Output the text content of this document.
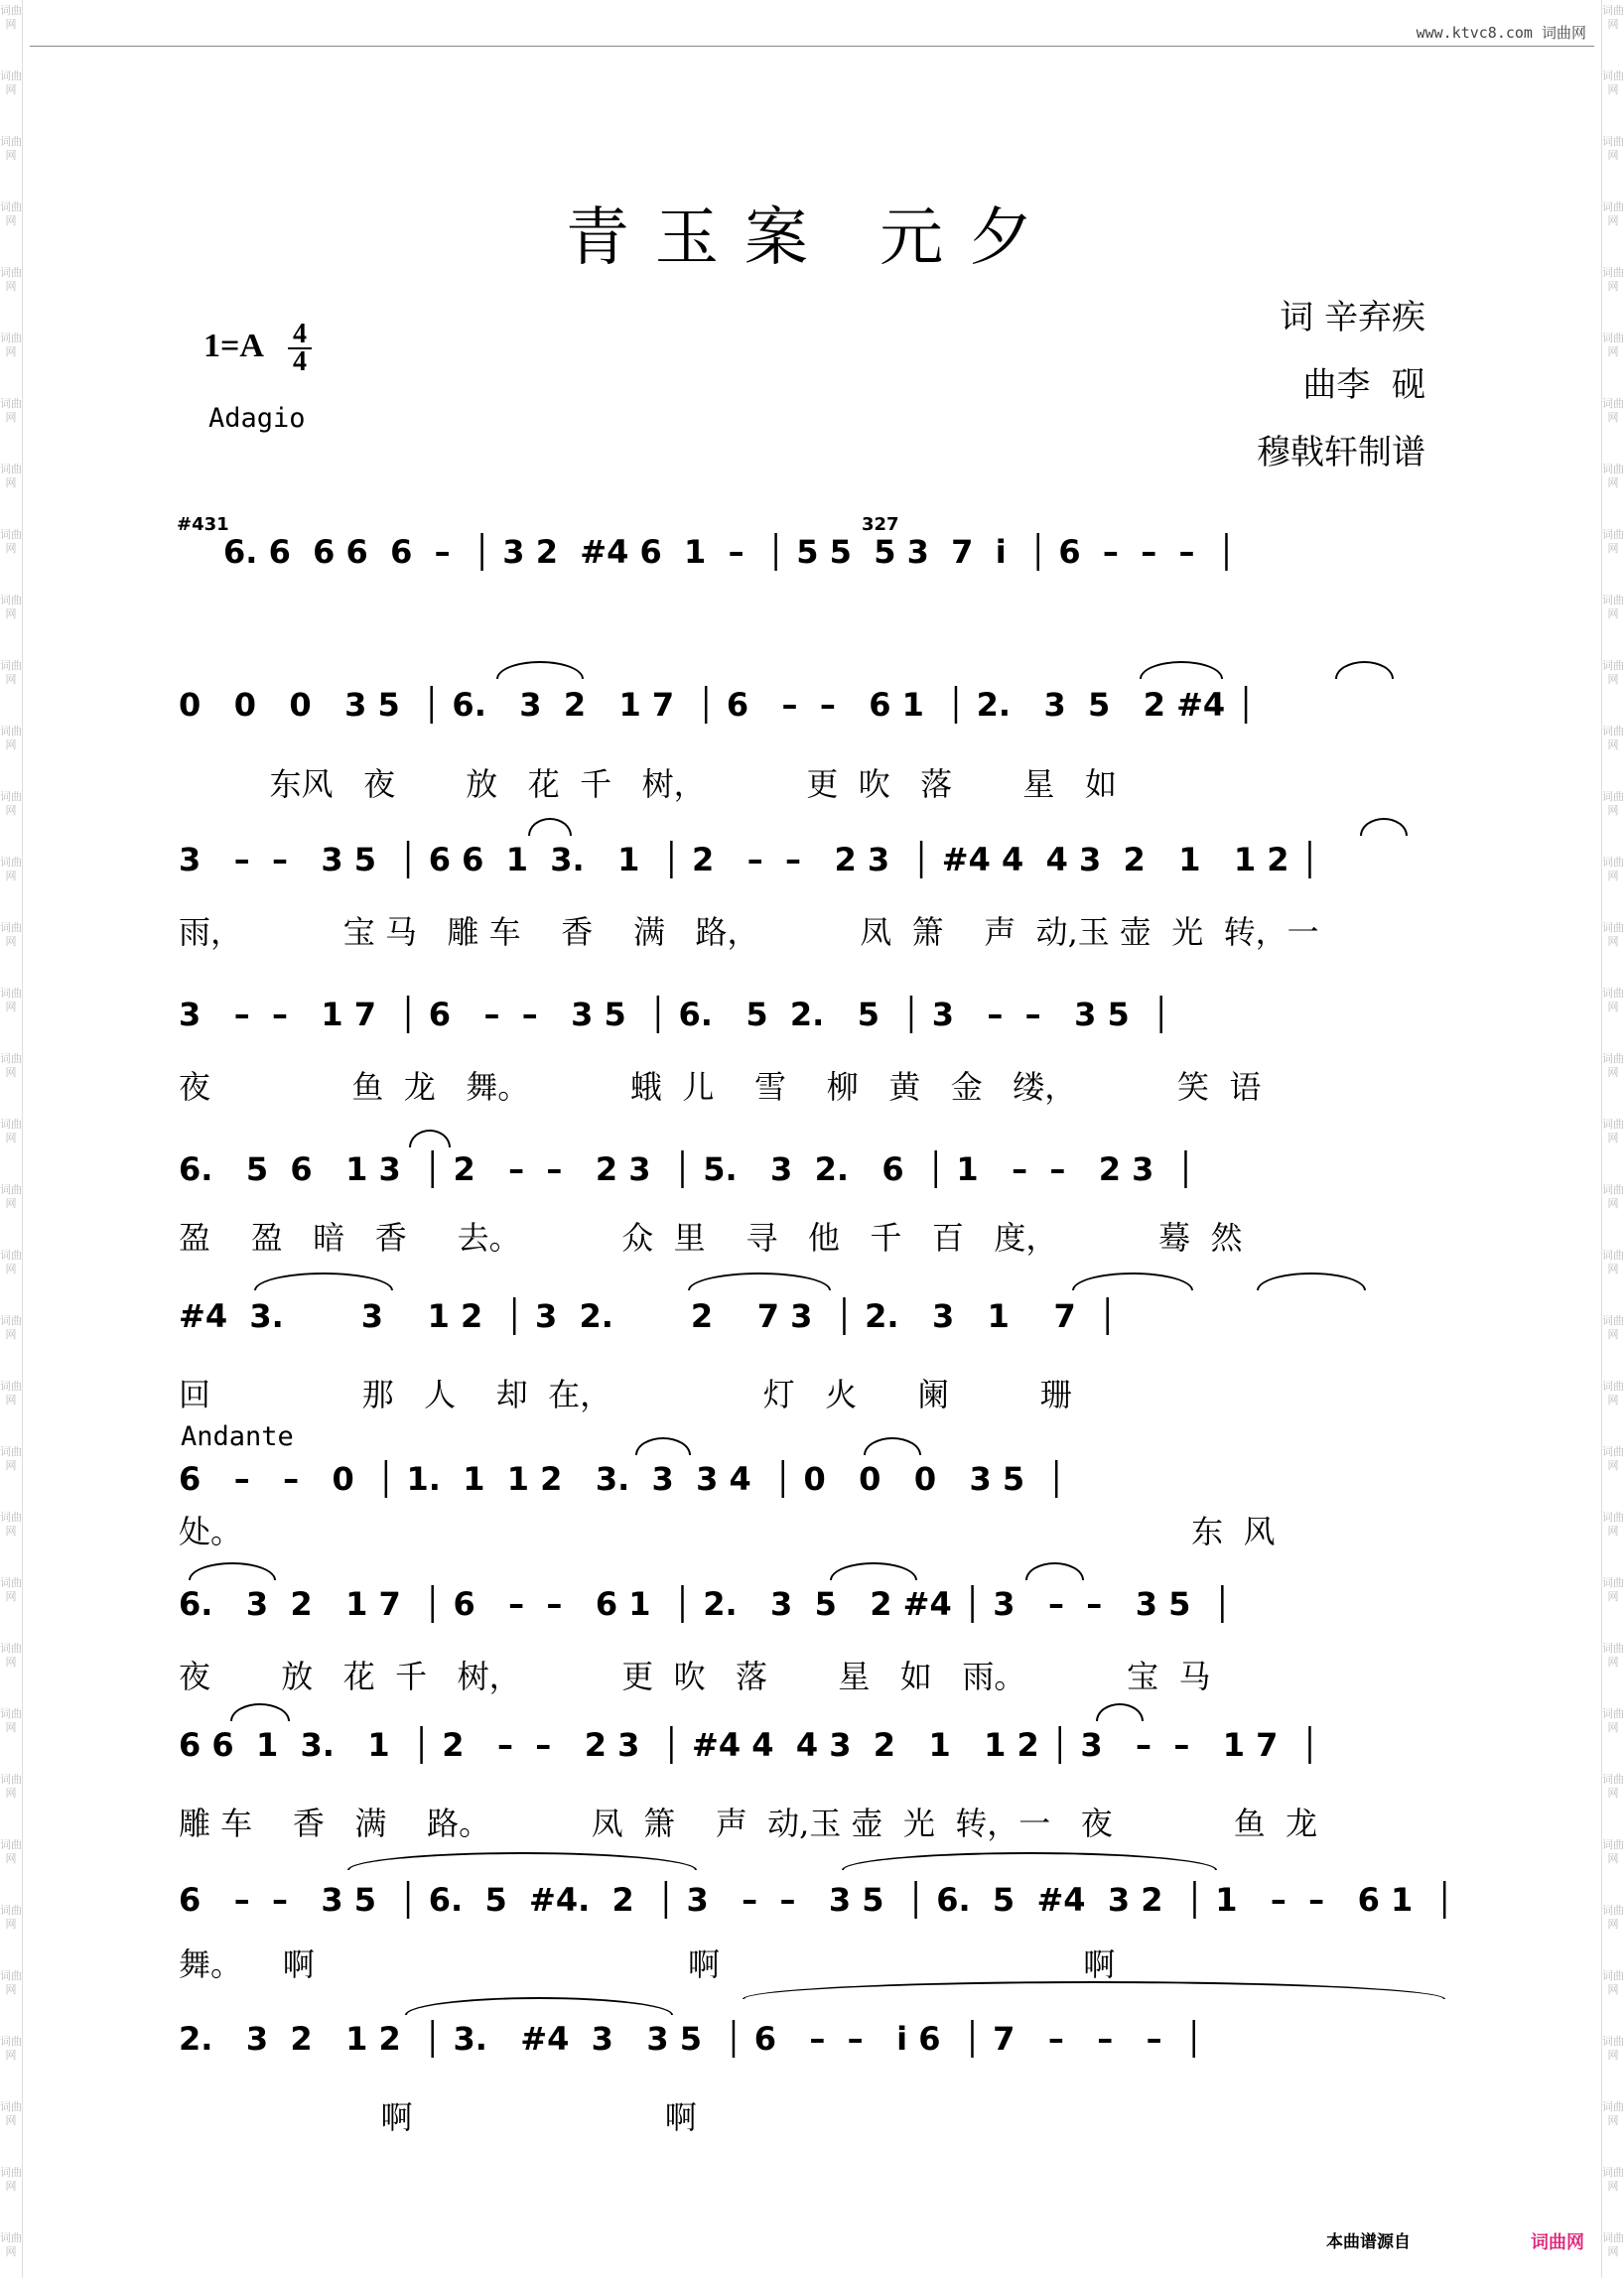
词曲网
词曲网
词曲网
词曲网
词曲网
词曲网
词曲网
词曲网
词曲网
词曲网
词曲网
词曲网
词曲网
词曲网
词曲网
词曲网
词曲网
词曲网
词曲网
词曲网
词曲网
词曲网
词曲网
词曲网
词曲网
词曲网
词曲网
词曲网
词曲网
词曲网
词曲网
词曲网
词曲网
词曲网
词曲网
词曲网
词曲网
词曲网
词曲网
词曲网
词曲网
词曲网
词曲网
词曲网
词曲网
词曲网
词曲网
词曲网
词曲网
词曲网
词曲网
词曲网
词曲网
词曲网
词曲网
词曲网
词曲网
词曲网
词曲网
词曲网
词曲网
词曲网
词曲网
词曲网
词曲网
词曲网
词曲网
词曲网
词曲网
词曲网
www.ktvc8.com 词曲网
青玉案 元夕
词 辛弃疾
曲李  砚
穆戟轩制谱
1=A 4
4
Adagio
#431	327
6. 6  6 6  6  –  │ 3 2  #4 6  1  –  │ 5 5  5 3  7  i  │ 6  –  –  –  │
0   0   0   3 5  │ 6.   3  2   1 7  │ 6   –  –   6 1  │ 2.   3  5   2 #4 │
东风   夜       放   花  千   树，          更  吹   落       星   如
3   –  –   3 5  │ 6 6  1  3.   1  │ 2   –  –   2 3  │ #4 4  4 3  2   1   1 2 │
雨，          宝 马   雕 车    香    满   路，          凤  箫    声  动,玉 壶  光  转，一
3   –  –   1 7  │ 6   –  –   3 5  │ 6.   5  2.   5  │ 3   –  –   3 5  │
夜              鱼  龙   舞。          蛾  儿    雪    柳   黄   金   缕，          笑  语
6.   5  6   1 3  │ 2   –  –   2 3  │ 5.   3  2.   6  │ 1   –  –   2 3  │
盈    盈   暗   香     去。          众  里    寻   他   千   百   度，          蓦  然
#4  3.       3    1 2  │ 3  2.       2    7 3  │ 2.   3   1    7  │
回               那   人    却  在，               灯   火      阑         珊
Andante
6   –   –   0  │ 1.  1  1 2   3.  3  3 4  │ 0   0   0   3 5  │
处。                                                                                              东  风
6.   3  2   1 7  │ 6   –  –   6 1  │ 2.   3  5   2 #4 │ 3   –  –   3 5  │
夜       放   花  千   树，          更  吹   落       星   如   雨。          宝  马
6 6  1  3.   1  │ 2   –  –   2 3  │ #4 4  4 3  2   1   1 2 │ 3   –  –   1 7  │
雕 车    香   满    路。          凤  箫    声  动,玉 壶  光  转，一   夜            鱼  龙
6   –  –   3 5  │ 6.  5  #4.  2  │ 3   –  –   3 5  │ 6.  5  #4  3 2  │ 1   –  –   6 1  │
舞。    啊                                     啊                                    啊
2.   3  2   1 2  │ 3.   #4  3   3 5  │ 6   –  –   i 6  │ 7   –   –   –  │
啊                         啊
本曲谱源自	词曲网
